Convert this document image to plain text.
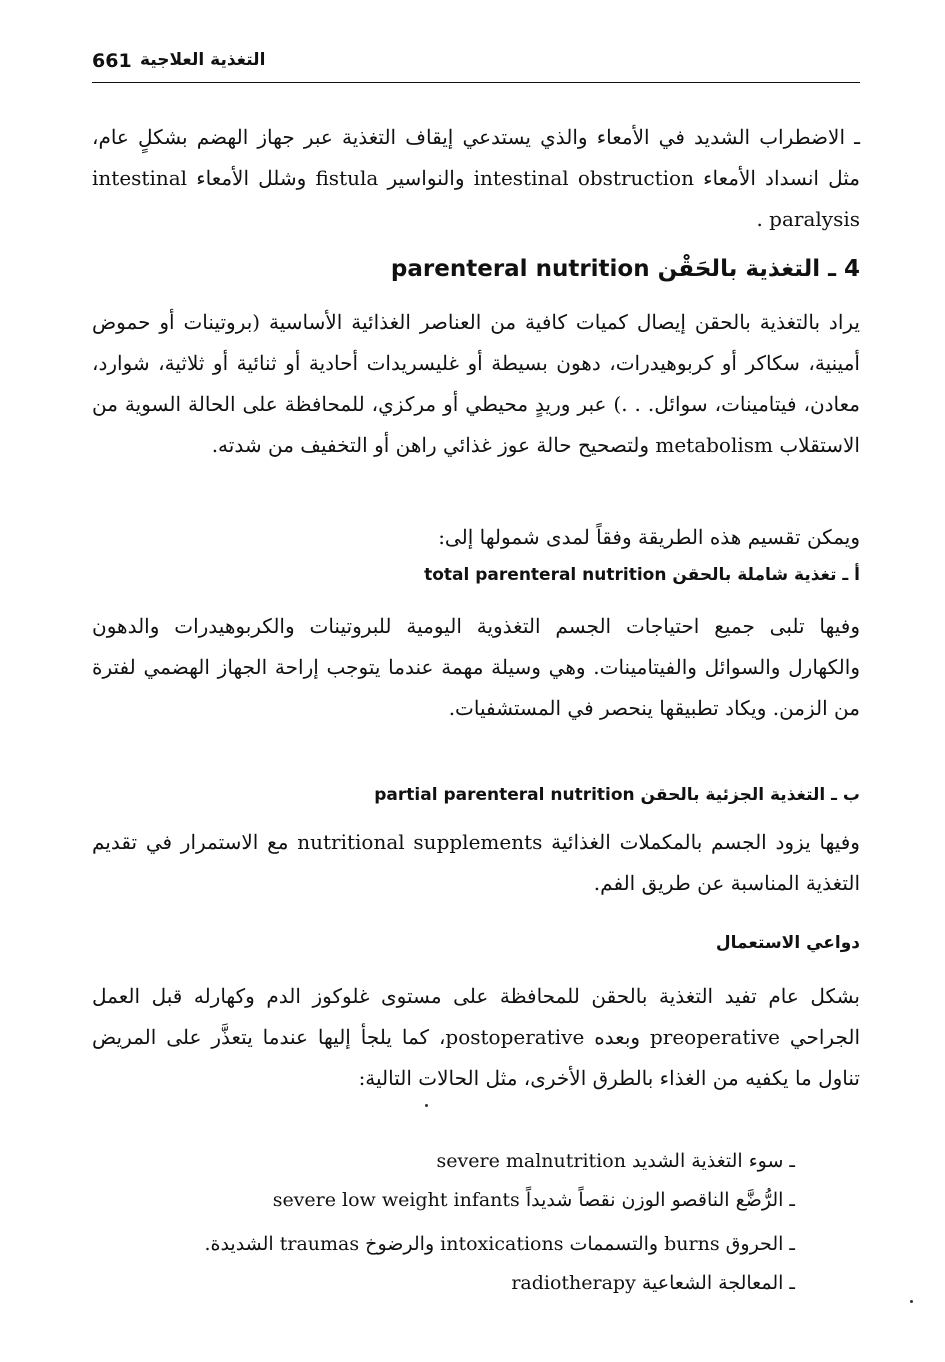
661 التغذية العلاجية
ـ الاضطراب الشديد في الأمعاء والذي يستدعي إيقاف التغذية عبر جهاز الهضم بشكلٍ عام، مثل انسداد الأمعاء intestinal obstruction والنواسير fistula وشلل الأمعاء intestinal paralysis .
4 ـ التغذية بالحَقْن parenteral nutrition
يراد بالتغذية بالحقن إيصال كميات كافية من العناصر الغذائية الأساسية (بروتينات أو حموض أمينية، سكاكر أو كربوهيدرات، دهون بسيطة أو غليسريدات أحادية أو ثنائية أو ثلاثية، شوارد، معادن، فيتامينات، سوائل. . .) عبر وريدٍ محيطي أو مركزي، للمحافظة على الحالة السوية من الاستقلاب metabolism ولتصحيح حالة عوز غذائي راهن أو التخفيف من شدته.
ويمكن تقسيم هذه الطريقة وفقاً لمدى شمولها إلى:
أ ـ تغذية شاملة بالحقن total parenteral nutrition
وفيها تلبى جميع احتياجات الجسم التغذوية اليومية للبروتينات والكربوهيدرات والدهون والكهارل والسوائل والفيتامينات. وهي وسيلة مهمة عندما يتوجب إراحة الجهاز الهضمي لفترة من الزمن. ويكاد تطبيقها ينحصر في المستشفيات.
ب ـ التغذية الجزئية بالحقن partial parenteral nutrition
وفيها يزود الجسم بالمكملات الغذائية nutritional supplements مع الاستمرار في تقديم التغذية المناسبة عن طريق الفم.
دواعي الاستعمال
بشكل عام تفيد التغذية بالحقن للمحافظة على مستوى غلوكوز الدم وكهارله قبل العمل الجراحي preoperative وبعده postoperative، كما يلجأ إليها عندما يتعذَّر على المريض تناول ما يكفيه من الغذاء بالطرق الأخرى، مثل الحالات التالية:
ـ سوء التغذية الشديد severe malnutrition
ـ الرُّضَّع الناقصو الوزن نقصاً شديداً severe low weight infants
ـ الحروق burns والتسممات intoxications والرضوخ traumas الشديدة.
ـ المعالجة الشعاعية radiotherapy
